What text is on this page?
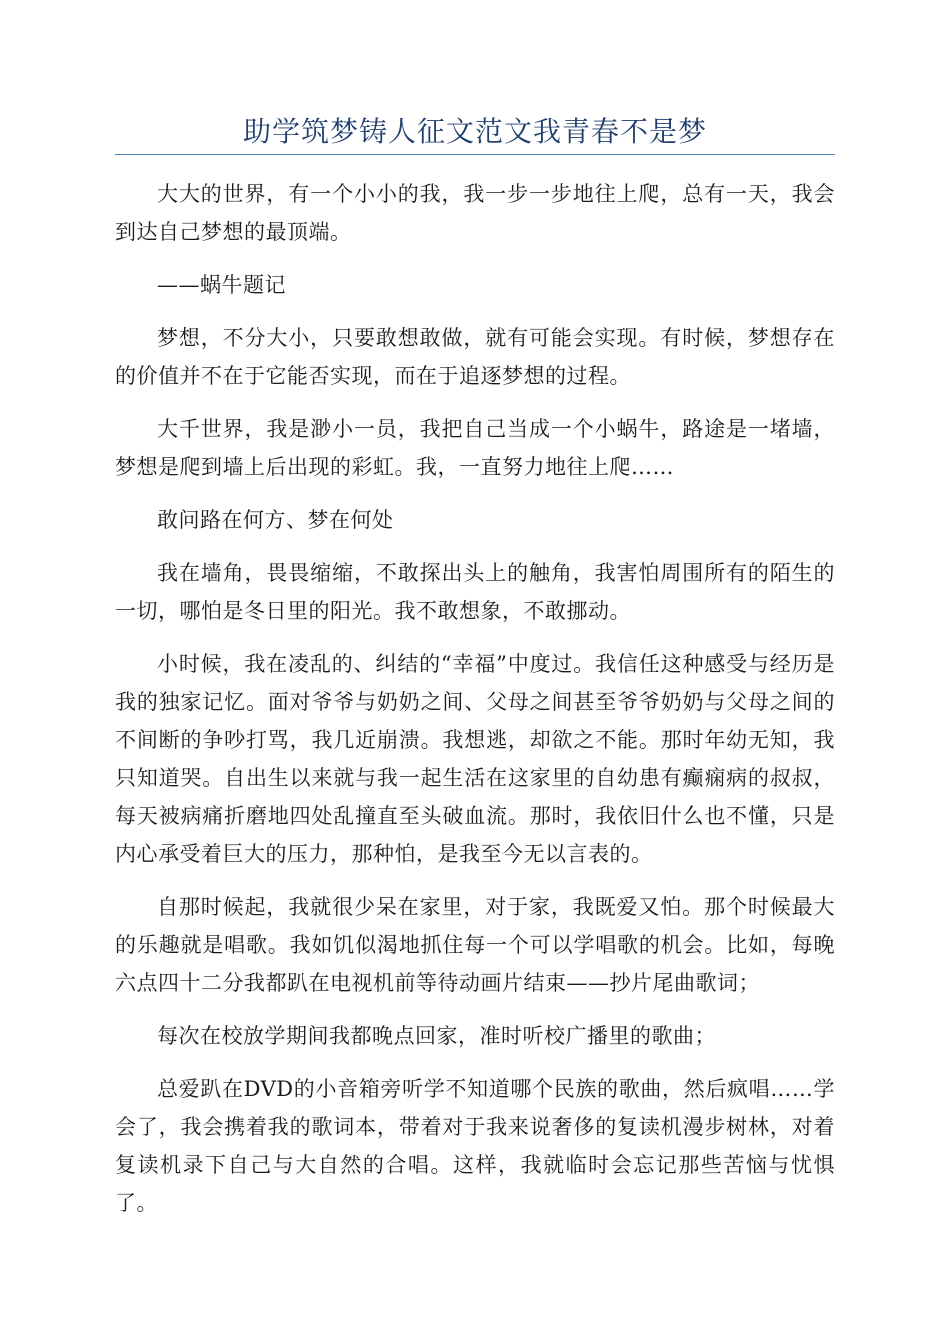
助学筑梦铸人征文范文我青春不是梦

大大的世界，有一个小小的我，我一步一步地往上爬，总有一天，我会到达自己梦想的最顶端。

——蜗牛题记

梦想，不分大小，只要敢想敢做，就有可能会实现。有时候，梦想存在的价值并不在于它能否实现，而在于追逐梦想的过程。

大千世界，我是渺小一员，我把自己当成一个小蜗牛，路途是一堵墙，梦想是爬到墙上后出现的彩虹。我，一直努力地往上爬……

敢问路在何方、梦在何处

我在墙角，畏畏缩缩，不敢探出头上的触角，我害怕周围所有的陌生的一切，哪怕是冬日里的阳光。我不敢想象，不敢挪动。

小时候，我在凌乱的、纠结的“幸福”中度过。我信任这种感受与经历是我的独家记忆。面对爷爷与奶奶之间、父母之间甚至爷爷奶奶与父母之间的不间断的争吵打骂，我几近崩溃。我想逃，却欲之不能。那时年幼无知，我只知道哭。自出生以来就与我一起生活在这家里的自幼患有癫痫病的叔叔，每天被病痛折磨地四处乱撞直至头破血流。那时，我依旧什么也不懂，只是内心承受着巨大的压力，那种怕，是我至今无以言表的。

自那时候起，我就很少呆在家里，对于家，我既爱又怕。那个时候最大的乐趣就是唱歌。我如饥似渴地抓住每一个可以学唱歌的机会。比如，每晚六点四十二分我都趴在电视机前等待动画片结束——抄片尾曲歌词；

每次在校放学期间我都晚点回家，准时听校广播里的歌曲；

总爱趴在DVD的小音箱旁听学不知道哪个民族的歌曲，然后疯唱……学会了，我会携着我的歌词本，带着对于我来说奢侈的复读机漫步树林，对着复读机录下自己与大自然的合唱。这样，我就临时会忘记那些苦恼与忧惧了。
